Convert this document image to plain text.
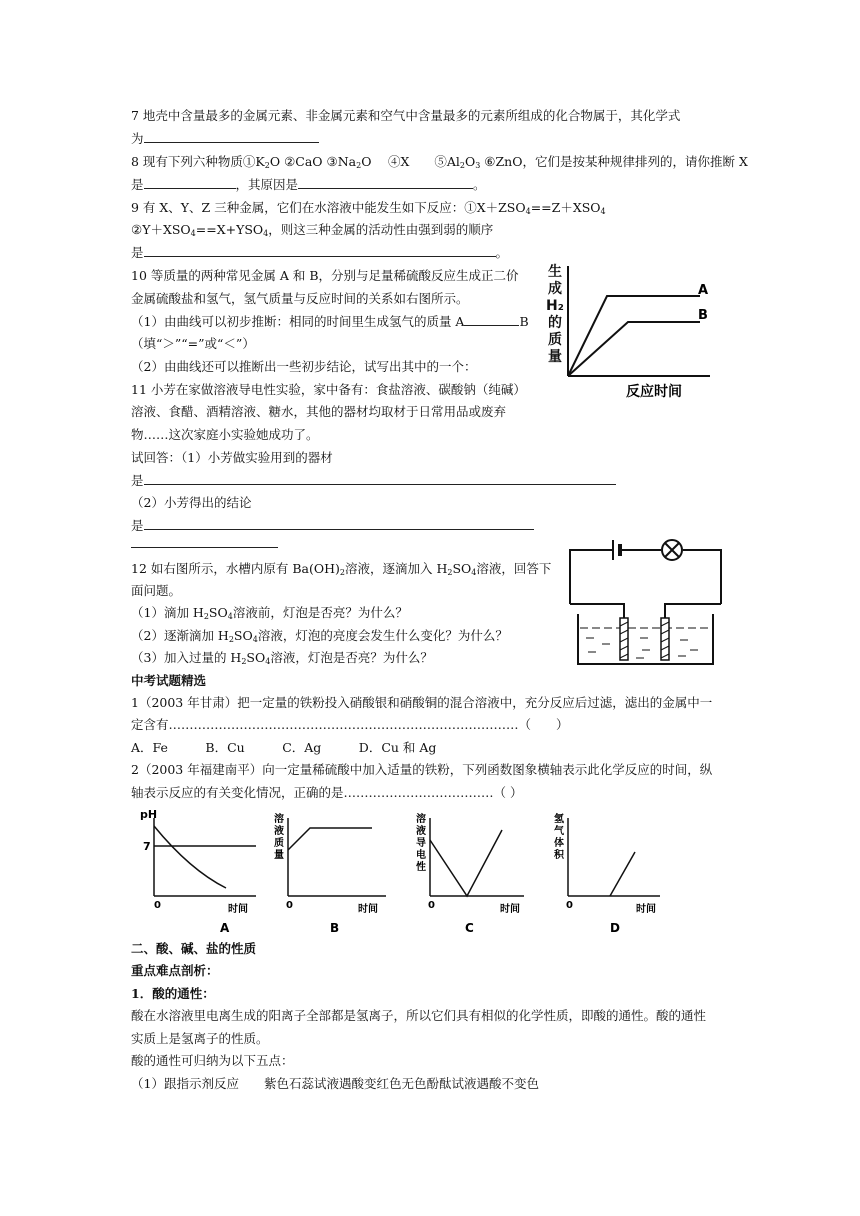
7 地壳中含量最多的金属元素、非金属元素和空气中含量最多的元素所组成的化合物属于，其化学式
为
8 现有下列六种物质$①K_2O$ ②CaO $③Na_2O$　 ④X　　$⑤Al_2O_3$ ⑥ZnO，它们是按某种规律排列的，请你推断 X
是	，其原因是	。
9 有 X、Y、Z 三种金属，它们在水溶液中能发生如下反应：$①X+ZSO_4==Z+XSO_4$
$②Y+XSO_4==X+YSO_4$，则这三种金属的活动性由强到弱的顺序
是	。
10 等质量的两种常见金属 A 和 B，分别与足量稀硫酸反应生成正二价
金属硫酸盐和氢气，氢气质量与反应时间的关系如右图所示。
（1）由曲线可以初步推断：相同的时间里生成氢气的质量 A	B
（填“＞”“=”或“＜”）
（2）由曲线还可以推断出一些初步结论，试写出其中的一个：
生
成
H₂
的
质
量
A
B
反应时间
11 小芳在家做溶液导电性实验，家中备有：食盐溶液、碳酸钠（纯碱）
溶液、食醋、酒精溶液、糖水，其他的器材均取材于日常用品或废弃
物……这次家庭小实验她成功了。
试回答：（1）小芳做实验用到的器材
是
（2）小芳得出的结论
是
12 如右图所示，水槽内原有 $Ba(OH)_2$溶液，逐滴加入 $H_2SO_4$溶液，回答下
面问题。
（1）滴加 $H_2SO_4$溶液前，灯泡是否亮？为什么？
（2）逐渐滴加 $H_2SO_4$溶液，灯泡的亮度会发生什么变化？为什么？
（3）加入过量的 $H_2SO_4$溶液，灯泡是否亮？为什么？
中考试题精选
1（2003 年甘肃）把一定量的铁粉投入硝酸银和硝酸铜的混合溶液中，充分反应后过滤，滤出的金属中一
定含有…………………………………………………………………………（　　）
A．Fe　　　B．Cu　　　C．Ag　　　D．Cu 和 Ag
2（2003 年福建南平）向一定量稀硫酸中加入适量的铁粉，下列函数图象横轴表示此化学反应的时间，纵
轴表示反应的有关变化情况，正确的是………………………………（ ）
pH
7
0	时间
A
溶
液
质
量
0	时间
B
溶
液
导
电
性
0	时间
C
氢
气
体
积
0	时间
D
二、酸、碱、盐的性质
重点难点剖析：
1．酸的通性：
酸在水溶液里电离生成的阳离子全部都是氢离子，所以它们具有相似的化学性质，即酸的通性。酸的通性
实质上是氢离子的性质。
酸的通性可归纳为以下五点：
（1）跟指示剂反应　　紫色石蕊试液遇酸变红色无色酚酞试液遇酸不变色
